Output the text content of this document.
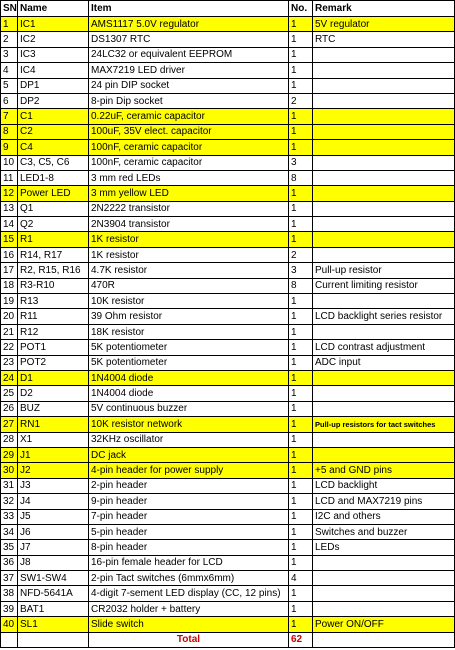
SN	Name	Item	No.	Remark
1	IC1	AMS1117 5.0V regulator	1	5V regulator
2	IC2	DS1307 RTC	1	RTC
3	IC3	24LC32 or equivalent EEPROM	1	
4	IC4	MAX7219 LED driver	1	
5	DP1	24 pin DIP socket	1	
6	DP2	8-pin Dip socket	2	
7	C1	0.22uF, ceramic capacitor	1	
8	C2	100uF, 35V elect. capacitor	1	
9	C4	100nF, ceramic capacitor	1	
10	C3, C5, C6	100nF, ceramic capacitor	3	
11	LED1-8	3 mm red LEDs	8	
12	Power LED	3 mm yellow LED	1	
13	Q1	2N2222 transistor	1	
14	Q2	2N3904 transistor	1	
15	R1	1K resistor	1	
16	R14, R17	1K resistor	2	
17	R2, R15, R16	4.7K resistor	3	Pull-up resistor
18	R3-R10	470R	8	Current limiting resistor
19	R13	10K resistor	1	
20	R11	39 Ohm resistor	1	LCD backlight series resistor
21	R12	18K resistor	1	
22	POT1	5K potentiometer	1	LCD contrast adjustment
23	POT2	5K potentiometer	1	ADC input
24	D1	1N4004 diode	1	
25	D2	1N4004 diode	1	
26	BUZ	5V continuous buzzer	1	
27	RN1	10K resistor network	1	Pull-up resistors for tact switches
28	X1	32KHz oscillator	1	
29	J1	DC jack	1	
30	J2	4-pin header for power supply	1	+5 and GND pins
31	J3	2-pin header	1	LCD backlight
32	J4	9-pin header	1	LCD and MAX7219 pins
33	J5	7-pin header	1	I2C and others
34	J6	5-pin header	1	Switches and buzzer
35	J7	8-pin header	1	LEDs
36	J8	16-pin female header for LCD	1	
37	SW1-SW4	2-pin Tact switches (6mmx6mm)	4	
38	NFD-5641A	4-digit 7-sement LED display (CC, 12 pins)	1	
39	BAT1	CR2032 holder + battery	1	
40	SL1	Slide switch	1	Power ON/OFF
		Total	62	
